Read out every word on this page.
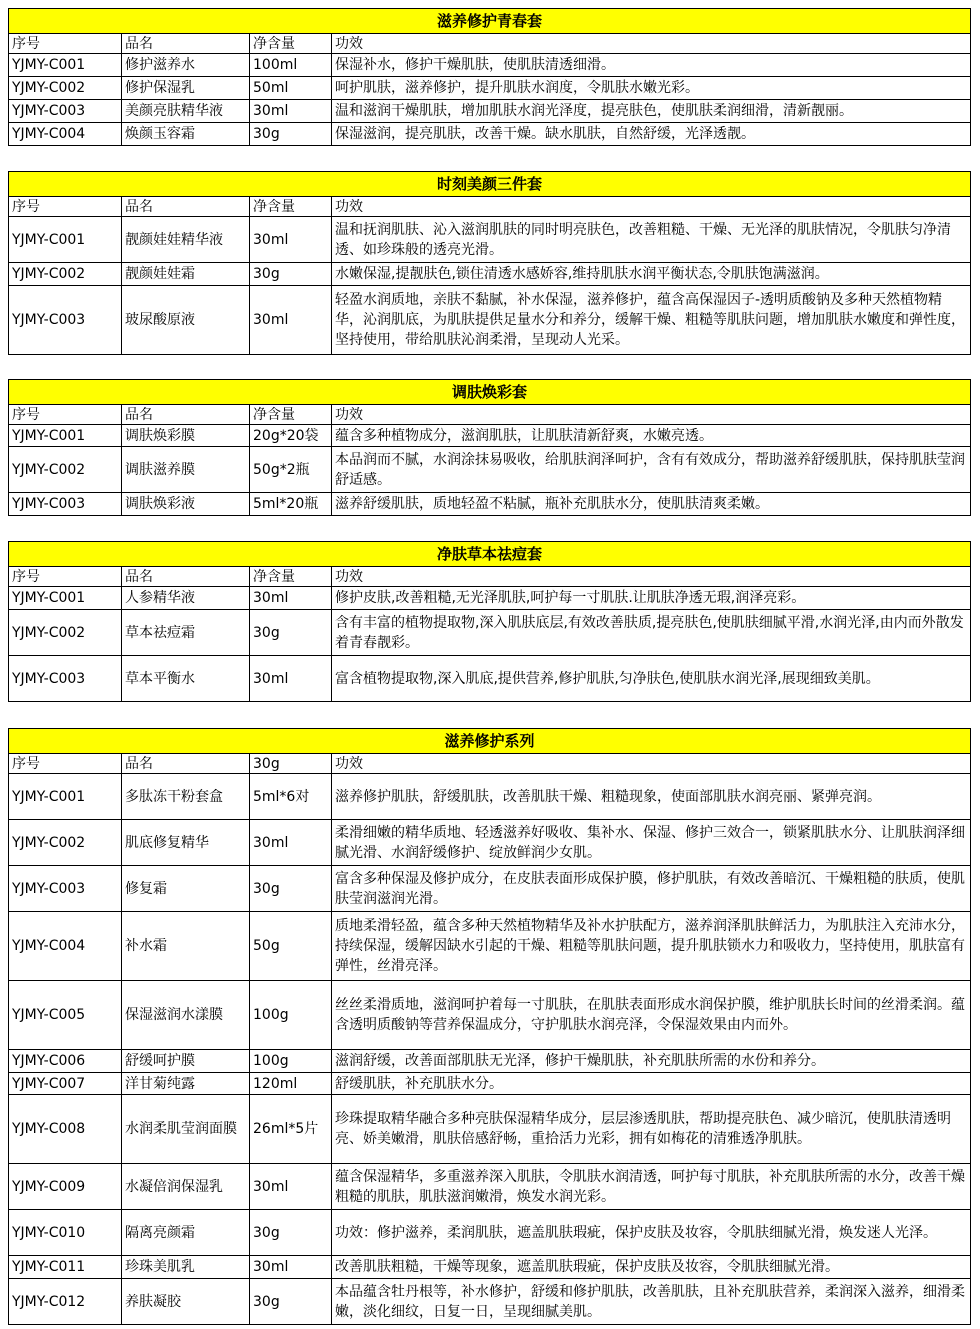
滋养修护青春套			
序号	品名	净含量	功效
YJMY-C001	修护滋养水	100ml	保湿补水，修护干燥肌肤，使肌肤清透细滑。
YJMY-C002	修护保湿乳	50ml	呵护肌肤，滋养修护，提升肌肤水润度，令肌肤水嫩光彩。
YJMY-C003	美颜亮肤精华液	30ml	温和滋润干燥肌肤，增加肌肤水润光泽度，提亮肤色，使肌肤柔润细滑，清新靓丽。
YJMY-C004	焕颜玉容霜	30g	保湿滋润，提亮肌肤，改善干燥。缺水肌肤，自然舒缓，光泽透靓。
时刻美颜三件套			
序号	品名	净含量	功效
YJMY-C001	靓颜娃娃精华液	30ml	温和抚润肌肤、沁入滋润肌肤的同时明亮肤色，改善粗糙、干燥、无光泽的肌肤情况，令肌肤匀净清透、如珍珠般的透亮光滑。
YJMY-C002	靓颜娃娃霜	30g	水嫩保湿,提靓肤色,锁住清透水感娇容,维持肌肤水润平衡状态,令肌肤饱满滋润。
YJMY-C003	玻尿酸原液	30ml	轻盈水润质地，亲肤不黏腻，补水保湿，滋养修护，蕴含高保湿因子-透明质酸钠及多种天然植物精华，沁润肌底，为肌肤提供足量水分和养分，缓解干燥、粗糙等肌肤问题，增加肌肤水嫩度和弹性度，坚持使用，带给肌肤沁润柔滑，呈现动人光采。
调肤焕彩套			
序号	品名	净含量	功效
YJMY-C001	调肤焕彩膜	20g*20袋	蕴含多种植物成分，滋润肌肤，让肌肤清新舒爽，水嫩亮透。
YJMY-C002	调肤滋养膜	50g*2瓶	本品润而不腻，水润涂抹易吸收，给肌肤润泽呵护，含有有效成分，帮助滋养舒缓肌肤，保持肌肤莹润舒适感。
YJMY-C003	调肤焕彩液	5ml*20瓶	滋养舒缓肌肤，质地轻盈不粘腻，瓶补充肌肤水分，使肌肤清爽柔嫩。
净肤草本祛痘套			
序号	品名	净含量	功效
YJMY-C001	人参精华液	30ml	修护皮肤,改善粗糙,无光泽肌肤,呵护每一寸肌肤.让肌肤净透无瑕,润泽亮彩。
YJMY-C002	草本祛痘霜	30g	含有丰富的植物提取物,深入肌肤底层,有效改善肤质,提亮肤色,使肌肤细腻平滑,水润光泽,由内而外散发着青春靓彩。
YJMY-C003	草本平衡水	30ml	富含植物提取物,深入肌底,提供营养,修护肌肤,匀净肤色,使肌肤水润光泽,展现细致美肌。
滋养修护系列			
序号	品名	30g	功效
YJMY-C001	多肽冻干粉套盒	5ml*6对	滋养修护肌肤，舒缓肌肤，改善肌肤干燥、粗糙现象，使面部肌肤水润亮丽、紧弹亮润。
YJMY-C002	肌底修复精华	30ml	柔滑细嫩的精华质地、轻透滋养好吸收、集补水、保湿、修护三效合一，锁紧肌肤水分、让肌肤润泽细腻光滑、水润舒缓修护、绽放鲜润少女肌。
YJMY-C003	修复霜	30g	富含多种保湿及修护成分，在皮肤表面形成保护膜，修护肌肤，有效改善暗沉、干燥粗糙的肤质，使肌肤莹润滋润光滑。
YJMY-C004	补水霜	50g	质地柔滑轻盈，蕴含多种天然植物精华及补水护肤配方，滋养润泽肌肤鲜活力，为肌肤注入充沛水分，持续保湿，缓解因缺水引起的干燥、粗糙等肌肤问题，提升肌肤锁水力和吸收力，坚持使用，肌肤富有弹性，丝滑亮泽。
YJMY-C005	保湿滋润水漾膜	100g	丝丝柔滑质地，滋润呵护着每一寸肌肤，在肌肤表面形成水润保护膜，维护肌肤长时间的丝滑柔润。蕴含透明质酸钠等营养保温成分，守护肌肤水润亮泽，令保湿效果由内而外。
YJMY-C006	舒缓呵护膜	100g	滋润舒缓，改善面部肌肤无光泽，修护干燥肌肤，补充肌肤所需的水份和养分。
YJMY-C007	洋甘菊纯露	120ml	舒缓肌肤，补充肌肤水分。
YJMY-C008	水润柔肌莹润面膜	26ml*5片	珍珠提取精华融合多种亮肤保湿精华成分，层层渗透肌肤，帮助提亮肤色、减少暗沉，使肌肤清透明亮、娇美嫩滑，肌肤倍感舒畅，重拾活力光彩，拥有如梅花的清雅透净肌肤。
YJMY-C009	水凝倍润保湿乳	30ml	蕴含保湿精华，多重滋养深入肌肤，令肌肤水润清透，呵护每寸肌肤，补充肌肤所需的水分，改善干燥粗糙的肌肤，肌肤滋润嫩滑，焕发水润光彩。
YJMY-C010	隔离亮颜霜	30g	功效：修护滋养，柔润肌肤，遮盖肌肤瑕疵，保护皮肤及妆容，令肌肤细腻光滑，焕发迷人光泽。
YJMY-C011	珍珠美肌乳	30ml	改善肌肤粗糙，干燥等现象，遮盖肌肤瑕疵，保护皮肤及妆容，令肌肤细腻光滑。
YJMY-C012	养肤凝胶	30g	本品蕴含牡丹根等，补水修护，舒缓和修护肌肤，改善肌肤，且补充肌肤营养，柔润深入滋养，细滑柔嫩，淡化细纹，日复一日，呈现细腻美肌。
